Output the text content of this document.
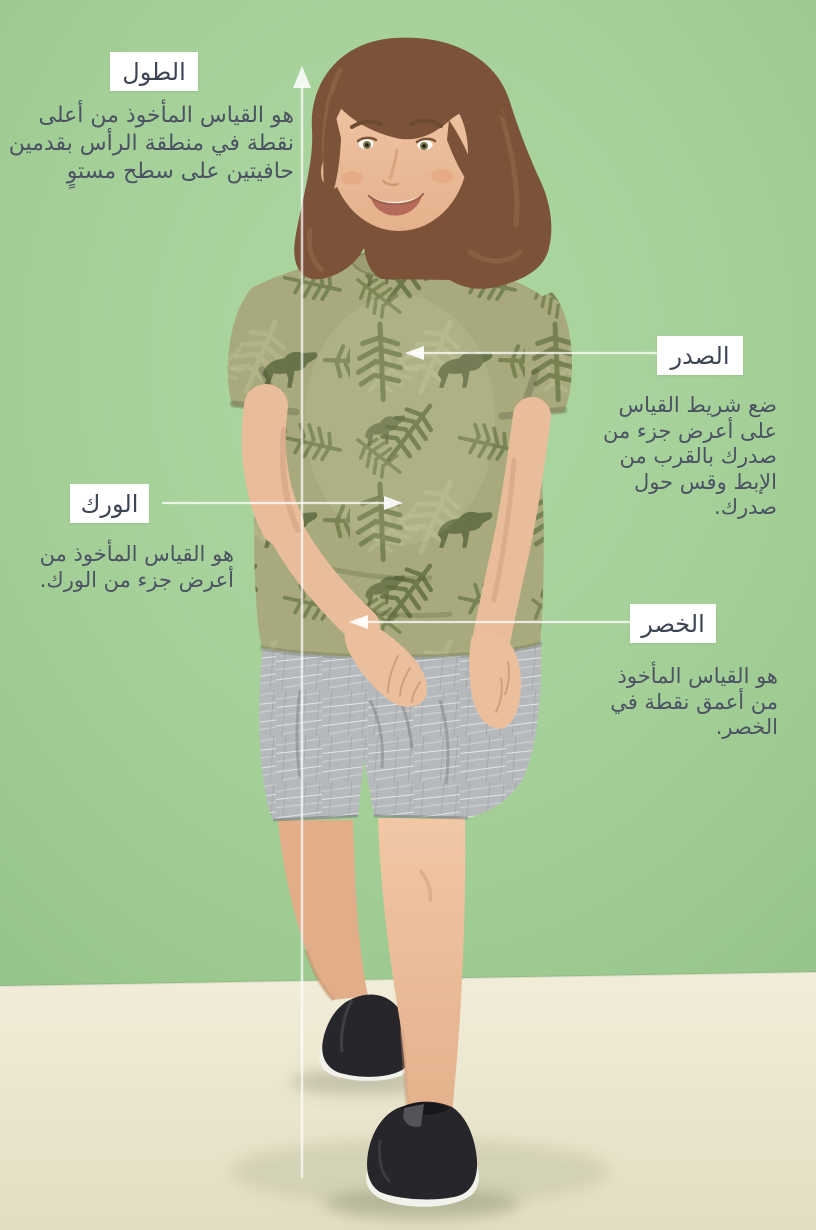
الطول
الصدر
الورك
الخصر

هو القياس المأخوذ من أعلى نقطة في منطقة الرأس بقدمين حافيتين على سطح مستوٍ

ضع شريط القياس على أعرض جزء من صدرك بالقرب من الإبط وقس حول صدرك.

هو القياس المأخوذ من أعرض جزء من الورك.

هو القياس المأخوذ من أعمق نقطة في الخصر.
